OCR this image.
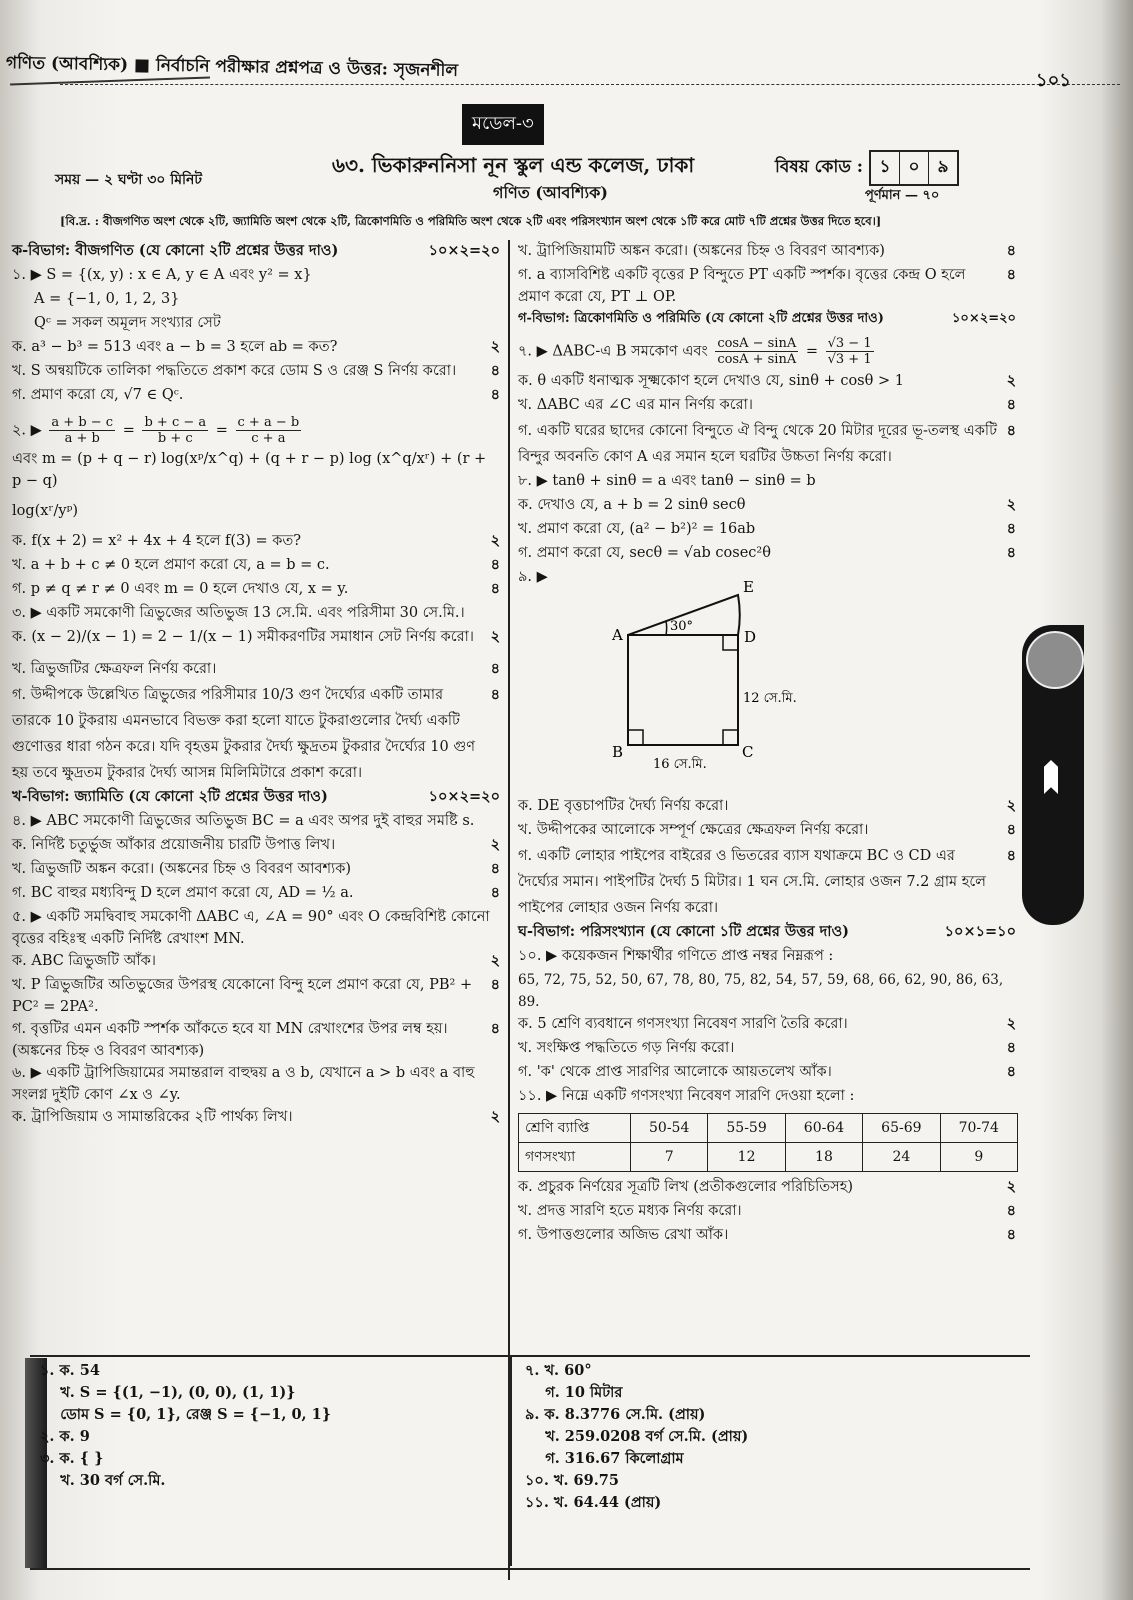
গণিত (আবশ্যিক) ■ নির্বাচনি পরীক্ষার প্রশ্নপত্র ও উত্তর: সৃজনশীল	১০১
মডেল-৩
৬৩. ভিকারুননিসা নূন স্কুল এন্ড কলেজ, ঢাকা
সময় — ২ ঘণ্টা ৩০ মিনিট
গণিত (আবশ্যিক)
বিষয় কোড : ১	০	৯
পূর্ণমান — ৭০
[বি.দ্র. : বীজগণিত অংশ থেকে ২টি, জ্যামিতি অংশ থেকে ২টি, ত্রিকোণমিতি ও পরিমিতি অংশ থেকে ২টি এবং পরিসংখ্যান অংশ থেকে ১টি করে মোট ৭টি প্রশ্নের উত্তর দিতে হবে।]
ক-বিভাগ: বীজগণিত (যে কোনো ২টি প্রশ্নের উত্তর দাও)	১০×২=২০
১. ▶ S = {(x, y) : x ∈ A, y ∈ A এবং y² = x}
A = {−1, 0, 1, 2, 3}
Qᶜ = সকল অমূলদ সংখ্যার সেট
ক. a³ − b³ = 513 এবং a − b = 3 হলে ab = কত?	২
খ. S অন্বয়টিকে তালিকা পদ্ধতিতে প্রকাশ করে ডোম S ও রেঞ্জ S নির্ণয় করো।	৪
গ. প্রমাণ করো যে, √7 ∈ Qᶜ.	৪
২. ▶ $\frac{a + b - c}{a + b} = \frac{b + c - a}{b + c} = \frac{c + a - b}{c + a}$
এবং m = (p + q − r) log(xᵖ/x^q) + (q + r − p) log (x^q/xʳ) + (r + p − q)
log(xʳ/yᵖ)
ক. f(x + 2) = x² + 4x + 4 হলে f(3) = কত?	২
খ. a + b + c ≠ 0 হলে প্রমাণ করো যে, a = b = c.	৪
গ. p ≠ q ≠ r ≠ 0 এবং m = 0 হলে দেখাও যে, x = y.	৪
৩. ▶ একটি সমকোণী ত্রিভুজের অতিভুজ 13 সে.মি. এবং পরিসীমা 30 সে.মি.।
ক. (x − 2)/(x − 1) = 2 − 1/(x − 1) সমীকরণটির সমাধান সেট নির্ণয় করো।	২
খ. ত্রিভুজটির ক্ষেত্রফল নির্ণয় করো।	৪
গ. উদ্দীপকে উল্লেখিত ত্রিভুজের পরিসীমার 10/3 গুণ দৈর্ঘ্যের একটি তামার তারকে 10 টুকরায় এমনভাবে বিভক্ত করা হলো যাতে টুকরাগুলোর দৈর্ঘ্য একটি গুণোত্তর ধারা গঠন করে। যদি বৃহত্তম টুকরার দৈর্ঘ্য ক্ষুদ্রতম টুকরার দৈর্ঘ্যের 10 গুণ হয় তবে ক্ষুদ্রতম টুকরার দৈর্ঘ্য আসন্ন মিলিমিটারে প্রকাশ করো।
৪
খ-বিভাগ: জ্যামিতি (যে কোনো ২টি প্রশ্নের উত্তর দাও)	১০×২=২০
৪. ▶ ABC সমকোণী ত্রিভুজের অতিভুজ BC = a এবং অপর দুই বাহুর সমষ্টি s.
ক. নির্দিষ্ট চতুর্ভুজ আঁকার প্রয়োজনীয় চারটি উপাত্ত লিখ।	২
খ. ত্রিভুজটি অঙ্কন করো। (অঙ্কনের চিহ্ন ও বিবরণ আবশ্যক)	৪
গ. BC বাহুর মধ্যবিন্দু D হলে প্রমাণ করো যে, AD = ½ a.	৪
৫. ▶ একটি সমদ্বিবাহু সমকোণী ΔABC এ, ∠A = 90° এবং O কেন্দ্রবিশিষ্ট কোনো বৃত্তের বহিঃস্থ একটি নির্দিষ্ট রেখাংশ MN.
ক. ABC ত্রিভুজটি আঁক।	২
খ. P ত্রিভুজটির অতিভুজের উপরস্থ যেকোনো বিন্দু হলে প্রমাণ করো যে, PB² + PC² = 2PA².
৪
গ. বৃত্তটির এমন একটি স্পর্শক আঁকতে হবে যা MN রেখাংশের উপর লম্ব হয়। (অঙ্কনের চিহ্ন ও বিবরণ আবশ্যক)
৪
৬. ▶ একটি ট্রাপিজিয়ামের সমান্তরাল বাহুদ্বয় a ও b, যেখানে a > b এবং a বাহু সংলগ্ন দুইটি কোণ ∠x ও ∠y.
ক. ট্রাপিজিয়াম ও সামান্তরিকের ২টি পার্থক্য লিখ।	২
খ. ট্রাপিজিয়ামটি অঙ্কন করো। (অঙ্কনের চিহ্ন ও বিবরণ আবশ্যক)	৪
গ. a ব্যাসবিশিষ্ট একটি বৃত্তের P বিন্দুতে PT একটি স্পর্শক। বৃত্তের কেন্দ্র O হলে প্রমাণ করো যে, PT ⊥ OP.
৪
গ-বিভাগ: ত্রিকোণমিতি ও পরিমিতি (যে কোনো ২টি প্রশ্নের উত্তর দাও)	১০×২=২০
৭. ▶ ΔABC-এ B সমকোণ এবং $\frac{\cos A - \sin A}{\cos A + \sin A} = \frac{√3 - 1}{√3 + 1}$
ক. θ একটি ধনাত্মক সূক্ষ্মকোণ হলে দেখাও যে, sinθ + cosθ > 1	২
খ. ΔABC এর ∠C এর মান নির্ণয় করো।	৪
গ. একটি ঘরের ছাদের কোনো বিন্দুতে ঐ বিন্দু থেকে 20 মিটার দূরের ভূ-তলস্থ একটি বিন্দুর অবনতি কোণ A এর সমান হলে ঘরটির উচ্চতা নির্ণয় করো।
৪
৮. ▶ tanθ + sinθ = a এবং tanθ − sinθ = b
ক. দেখাও যে, a + b = 2 sinθ secθ	২
খ. প্রমাণ করো যে, (a² − b²)² = 16ab	৪
গ. প্রমাণ করো যে, secθ = √ab cosec²θ	৪
৯. ▶
A
E
D
B	C
30°
12 সে.মি.
16 সে.মি.
ক. DE বৃত্তচাপটির দৈর্ঘ্য নির্ণয় করো।	২
খ. উদ্দীপকের আলোকে সম্পূর্ণ ক্ষেত্রের ক্ষেত্রফল নির্ণয় করো।	৪
গ. একটি লোহার পাইপের বাইরের ও ভিতরের ব্যাস যথাক্রমে BC ও CD এর দৈর্ঘ্যের সমান। পাইপটির দৈর্ঘ্য 5 মিটার। 1 ঘন সে.মি. লোহার ওজন 7.2 গ্রাম হলে পাইপের লোহার ওজন নির্ণয় করো।
৪
ঘ-বিভাগ: পরিসংখ্যান (যে কোনো ১টি প্রশ্নের উত্তর দাও)	১০×১=১০
১০. ▶ কয়েকজন শিক্ষার্থীর গণিতে প্রাপ্ত নম্বর নিম্নরূপ :
65, 72, 75, 52, 50, 67, 78, 80, 75, 82, 54, 57, 59, 68, 66, 62, 90, 86, 63, 89.
ক. 5 শ্রেণি ব্যবধানে গণসংখ্যা নিবেষণ সারণি তৈরি করো।	২
খ. সংক্ষিপ্ত পদ্ধতিতে গড় নির্ণয় করো।	৪
গ. 'ক' থেকে প্রাপ্ত সারণির আলোকে আয়তলেখ আঁক।	৪
১১. ▶ নিম্নে একটি গণসংখ্যা নিবেষণ সারণি দেওয়া হলো :
শ্রেণি ব্যাপ্তি	50-54	55-59	60-64	65-69	70-74
গণসংখ্যা	7	12	18	24	9
ক. প্রচুরক নির্ণয়ের সূত্রটি লিখ (প্রতীকগুলোর পরিচিতিসহ)	২
খ. প্রদত্ত সারণি হতে মধ্যক নির্ণয় করো।	৪
গ. উপাত্তগুলোর অজিভ রেখা আঁক।	৪
১. ক. 54
খ. S = {(1, −1), (0, 0), (1, 1)}
ডোম S = {0, 1}, রেঞ্জ S = {−1, 0, 1}
২. ক. 9
৩. ক. { }
খ. 30 বর্গ সে.মি.
৭. খ. 60°
গ. 10 মিটার
৯. ক. 8.3776 সে.মি. (প্রায়)
খ. 259.0208 বর্গ সে.মি. (প্রায়)
গ. 316.67 কিলোগ্রাম
১০. খ. 69.75
১১. খ. 64.44 (প্রায়)
